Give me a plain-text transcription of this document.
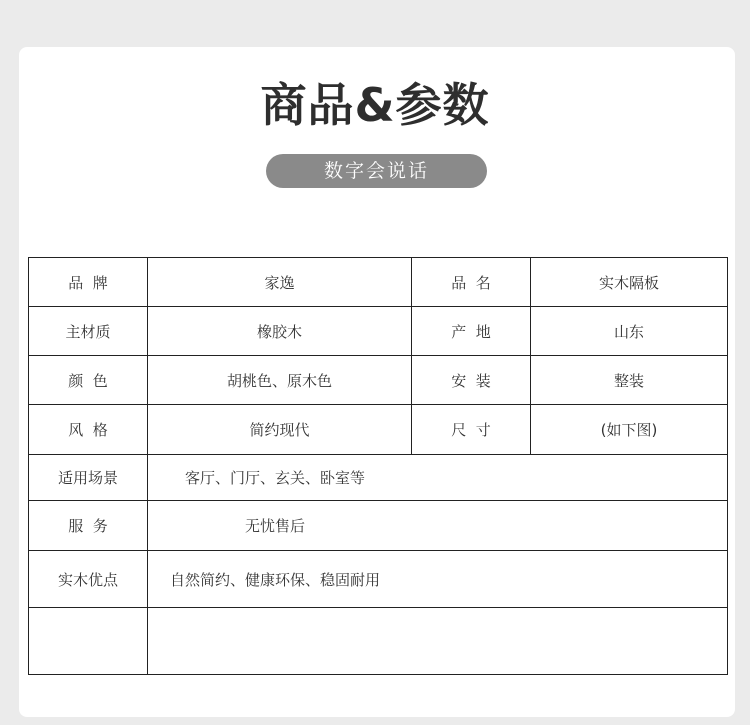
商品&参数
数字会说话
品  牌	家逸	品  名	实木隔板
主材质	橡胶木	产  地	山东
颜  色	胡桃色、原木色	安  装	整装
风  格	简约现代	尺  寸	(如下图)
适用场景	客厅、门厅、玄关、卧室等		
服  务	无忧售后		
实木优点	自然简约、健康环保、稳固耐用		
